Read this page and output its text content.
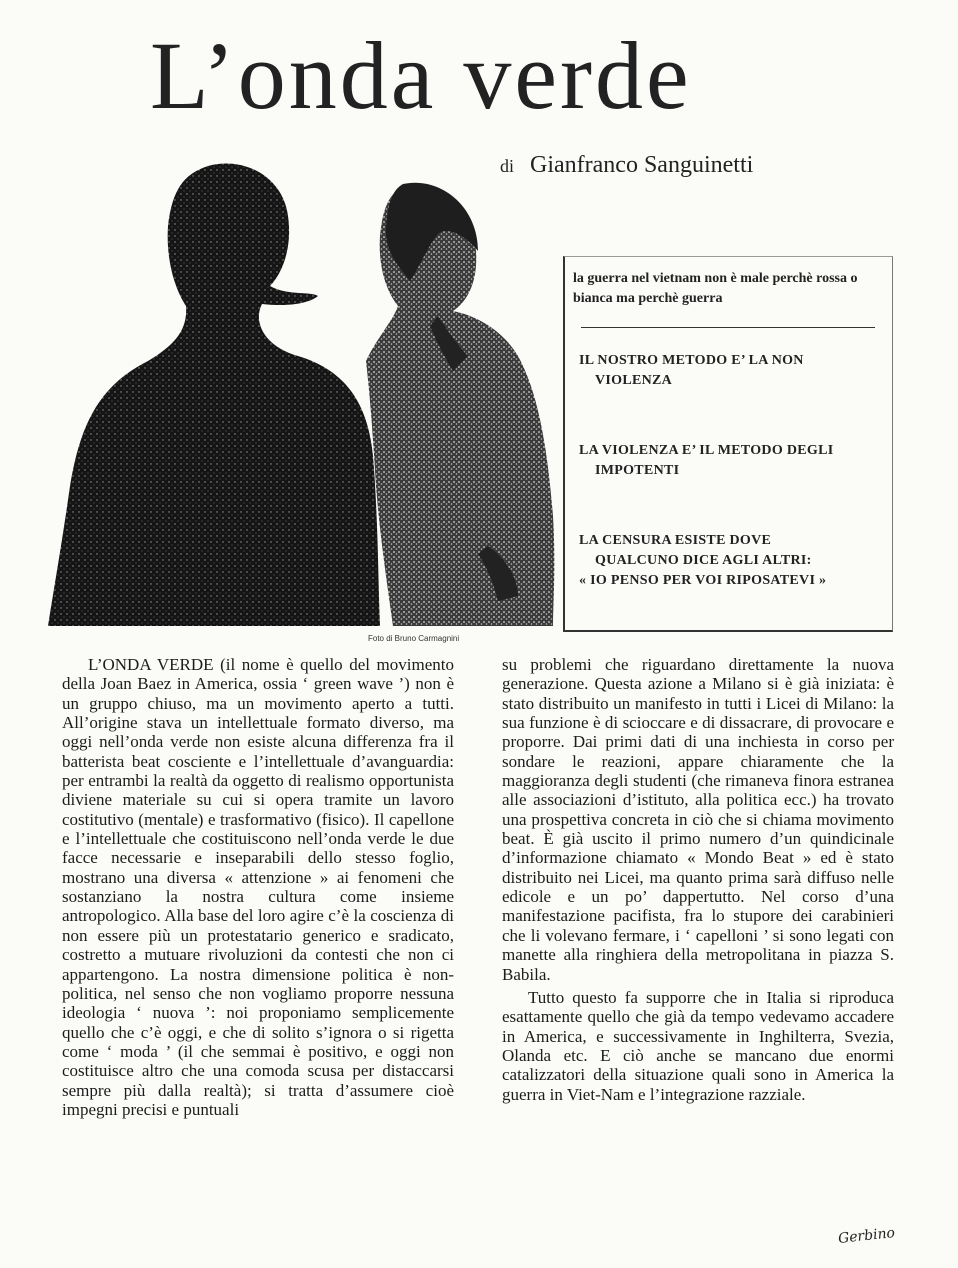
L’onda verde
di Gianfranco Sanguinetti
Foto di Bruno Carmagnini
la guerra nel vietnam non è male perchè rossa o bianca ma perchè guerra
IL NOSTRO METODO E’ LA NON
VIOLENZA
LA VIOLENZA E’ IL METODO DEGLI
IMPOTENTI
LA CENSURA ESISTE DOVE
QUALCUNO DICE AGLI ALTRI:
« IO PENSO PER VOI RIPOSATEVI »

L’ONDA VERDE (il nome è quello del movimento della Joan Baez in America, ossia ‘ green wave ’) non è un gruppo chiuso, ma un movimento aperto a tutti. All’origine stava un intellettuale formato diverso, ma oggi nell’onda verde non esiste alcuna differenza fra il batterista beat cosciente e l’intellettuale d’avanguardia: per entrambi la realtà da oggetto di realismo opportunista diviene materiale su cui si opera tramite un lavoro costitutivo (mentale) e trasformativo (fisico). Il capellone e l’intellettuale che costituiscono nell’onda verde le due facce necessarie e inseparabili dello stesso foglio, mostrano una diversa « attenzione » ai fenomeni che sostanziano la nostra cultura come insieme antropologico. Alla base del loro agire c’è la coscienza di non essere più un protestatario generico e sradicato, costretto a mutuare rivoluzioni da contesti che non ci appartengono. La nostra dimensione politica è non-politica, nel senso che non vogliamo proporre nessuna ideologia ‘ nuova ’: noi proponiamo semplicemente quello che c’è oggi, e che di solito s’ignora o si rigetta come ‘ moda ’ (il che semmai è positivo, e oggi non costituisce altro che una comoda scusa per distaccarsi sempre più dalla realtà); si tratta d’assumere cioè impegni precisi e puntuali

su problemi che riguardano direttamente la nuova generazione. Questa azione a Milano si è già iniziata: è stato distribuito un manifesto in tutti i Licei di Milano: la sua funzione è di scioccare e di dissacrare, di provocare e proporre. Dai primi dati di una inchiesta in corso per sondare le reazioni, appare chiaramente che la maggioranza degli studenti (che rimaneva finora estranea alle associazioni d’istituto, alla politica ecc.) ha trovato una prospettiva concreta in ciò che si chiama movimento beat. È già uscito il primo numero d’un quindicinale d’informazione chiamato « Mondo Beat » ed è stato distribuito nei Licei, ma quanto prima sarà diffuso nelle edicole e un po’ dappertutto. Nel corso d’una manifestazione pacifista, fra lo stupore dei carabinieri che li volevano fermare, i ‘ capelloni ’ si sono legati con manette alla ringhiera della metropolitana in piazza S. Babila.

Tutto questo fa supporre che in Italia si riproduca esattamente quello che già da tempo vedevamo accadere in America, e successivamente in Inghilterra, Svezia, Olanda etc. E ciò anche se mancano due enormi catalizzatori della situazione quali sono in America la guerra in Viet-Nam e l’integrazione razziale.

Gerbino
